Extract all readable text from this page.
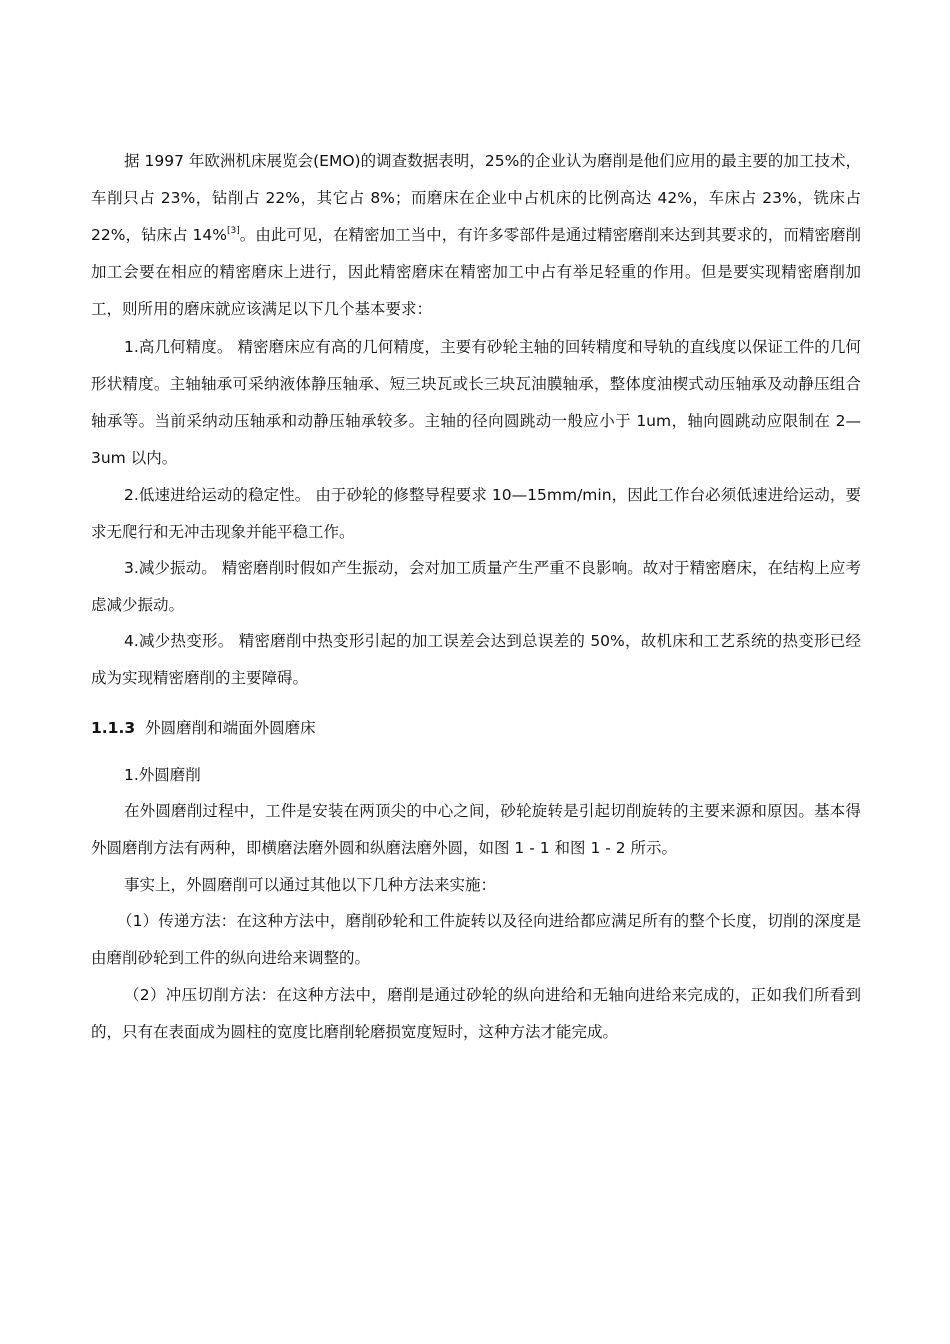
据 1997 年欧洲机床展览会(EMO)的调查数据表明，25%的企业认为磨削是他们应用的最主要的加工技术，车削只占 23%，钻削占 22%，其它占 8%；而磨床在企业中占机床的比例高达 42%，车床占 23%，铣床占 22%，钻床占 14%[3]。由此可见，在精密加工当中，有许多零部件是通过精密磨削来达到其要求的，而精密磨削加工会要在相应的精密磨床上进行，因此精密磨床在精密加工中占有举足轻重的作用。但是要实现精密磨削加工，则所用的磨床就应该满足以下几个基本要求：

1.高几何精度。 精密磨床应有高的几何精度，主要有砂轮主轴的回转精度和导轨的直线度以保证工件的几何形状精度。主轴轴承可采纳液体静压轴承、短三块瓦或长三块瓦油膜轴承，整体度油楔式动压轴承及动静压组合轴承等。当前采纳动压轴承和动静压轴承较多。主轴的径向圆跳动一般应小于 1um，轴向圆跳动应限制在 2—3um 以内。

2.低速进给运动的稳定性。 由于砂轮的修整导程要求 10—15mm/min，因此工作台必须低速进给运动，要求无爬行和无冲击现象并能平稳工作。

3.减少振动。 精密磨削时假如产生振动，会对加工质量产生严重不良影响。故对于精密磨床，在结构上应考虑减少振动。

4.减少热变形。 精密磨削中热变形引起的加工误差会达到总误差的 50%，故机床和工艺系统的热变形已经成为实现精密磨削的主要障碍。

1.1.3 外圆磨削和端面外圆磨床

1.外圆磨削

在外圆磨削过程中，工件是安装在两顶尖的中心之间，砂轮旋转是引起切削旋转的主要来源和原因。基本得外圆磨削方法有两种，即横磨法磨外圆和纵磨法磨外圆，如图 1 - 1 和图 1 - 2 所示。

事实上，外圆磨削可以通过其他以下几种方法来实施：

（1）传递方法：在这种方法中，磨削砂轮和工件旋转以及径向进给都应满足所有的整个长度，切削的深度是由磨削砂轮到工件的纵向进给来调整的。

（2）冲压切削方法：在这种方法中，磨削是通过砂轮的纵向进给和无轴向进给来完成的，正如我们所看到的，只有在表面成为圆柱的宽度比磨削轮磨损宽度短时，这种方法才能完成。
